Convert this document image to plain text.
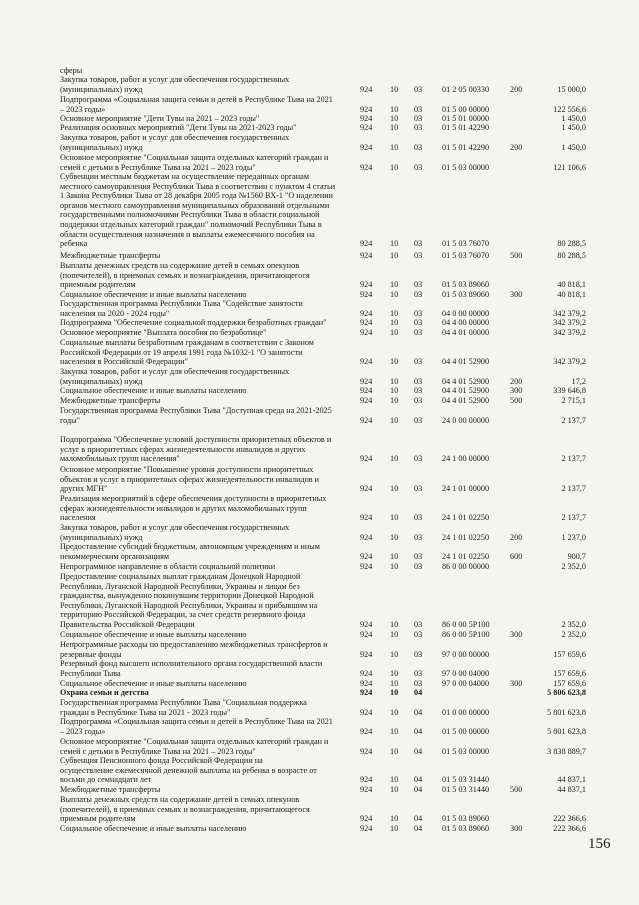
сферы
Закупка товаров, работ и услуг для обеспечения государственных
(муниципальных) нужд	924	10	03	01 2 05 00330	200	15 000,0
Подпрограмма «Социальная защита семьи и детей в Республике Тыва на 2021
– 2023 годы»	924	10	03	01 5 00 00000	122 556,6
Основное мероприятие "Дети Тувы на 2021 – 2023 годы"	924	10	03	01 5 01 00000	1 450,0
Реализация основных мероприятий "Дети Тувы на 2021-2023 годы"	924	10	03	01 5 01 42290	1 450,0
Закупка товаров, работ и услуг для обеспечения государственных
(муниципальных) нужд	924	10	03	01 5 01 42290	200	1 450,0
Основное мероприятие "Социальная защита отдельных категорий граждан и
семей с детьми в Республике Тыва на 2021 – 2023 годы"	924	10	03	01 5 03 00000	121 106,6
Субвенции местным бюджетам на осуществление переданных органам
местного самоуправления Республики Тыва в соответствии с пунктом 4 статьи
1 Закона Республики Тыва от 28 декабря 2005 года №1560 ВХ-1 "О наделении
органов местного самоуправления муниципальных образований отдельными
государственными полномочиями Республики Тыва в области социальной
поддержки отдельных категорий граждан" полномочий Республики Тыва в
области осуществления назначения и выплаты ежемесячного пособия на
ребенка	924	10	03	01 5 03 76070	80 288,5
Межбюджетные трансферты	924	10	03	01 5 03 76070	500	80 288,5
Выплаты денежных средств на содержание детей в семьях опекунов
(попечителей), в приемных семьях и вознаграждения, причитающегося
приемным родителям	924	10	03	01 5 03 89060	40 818,1
Социальное обеспечение и иные выплаты населению	924	10	03	01 5 03 89060	300	40 818,1
Государственная программа Республики Тыва "Содействие занятости
населения на 2020 - 2024 годы"	924	10	03	04 0 00 00000	342 379,2
Подпрограмма "Обеспечение социальной поддержки безработных граждан"	924	10	03	04 4 00 00000	342 379,2
Основное мероприятие "Выплата пособия по безработице"	924	10	03	04 4 01 00000	342 379,2
Социальные выплаты безработным гражданам в соответствии с Законом
Российской Федерации от 19 апреля 1991 года №1032-1 "О занятости
населения в Российской Федерации"	924	10	03	04 4 01 52900	342 379,2
Закупка товаров, работ и услуг для обеспечения государственных
(муниципальных) нужд	924	10	03	04 4 01 52900	200	17,2
Социальное обеспечение и иные выплаты населению	924	10	03	04 4 01 52900	300	339 646,8
Межбюджетные трансферты	924	10	03	04 4 01 52900	500	2 715,1
Государственная программа Республики Тыва "Доступная среда на 2021-2025
годы"	924	10	03	24 0 00 00000	2 137,7
Подпрограмма "Обеспечение условий доступности приоритетных объектов и
услуг в приоритетных сферах жизнедеятельности инвалидов и других
маломобильных групп населения"	924	10	03	24 1 00 00000	2 137,7
Основное мероприятие "Повышение уровня доступности приоритетных
объектов и услуг в приоритетных сферах жизнедеятельности инвалидов и
других МГН"	924	10	03	24 1 01 00000	2 137,7
Реализация мероприятий в сфере обеспечения доступности в приоритетных
сферах жизнедеятельности инвалидов и других маломобильных групп
населения	924	10	03	24 1 01 02250	2 137,7
Закупка товаров, работ и услуг для обеспечения государственных
(муниципальных) нужд	924	10	03	24 1 01 02250	200	1 237,0
Предоставление субсидий бюджетным, автономным учреждениям и иным
некоммерческим организациям	924	10	03	24 1 01 02250	600	900,7
Непрограммное направление в области социальной политики	924	10	03	86 0 00 00000	2 352,0
Предоставление социальных выплат гражданам Донецкой Народной
Республики, Луганской Народной Республики, Украины и лицам без
гражданства, вынужденно покинувшим территории Донецкой Народной
Республики, Луганской Народной Республики, Украины и прибывшим на
территорию Российской Федерации, за счет средств резервного фонда
Правительства Российской Федерации	924	10	03	86 0 00 5P100	2 352,0
Социальное обеспечение и иные выплаты населению	924	10	03	86 0 00 5P100	300	2 352,0
Непрограммные расходы по предоставлению межбюджетных трансфертов и
резервные фонды	924	10	03	97 0 00 00000	157 659,6
Резервный фонд высшего исполнительного органа государственной власти
Республики Тыва	924	10	03	97 0 00 04000	157 659,6
Социальное обеспечение и иные выплаты населению	924	10	03	97 0 00 04000	300	157 659,6
Охрана семьи и детства	924	10	04	5 806 623,8
Государственная программа Республики Тыва "Социальная поддержка
граждан в Республике Тыва на 2021 - 2023 годы"	924	10	04	01 0 00 00000	5 801 623,8
Подпрограмма «Социальная защита семьи и детей в Республике Тыва на 2021
– 2023 годы»	924	10	04	01 5 00 00000	5 801 623,8
Основное мероприятие "Социальная защита отдельных категорий граждан и
семей с детьми в Республике Тыва на 2021 – 2023 годы"	924	10	04	01 5 03 00000	3 838 889,7
Субвенция Пенсионного фонда Российской Федерации на
осуществление ежемесячной денежной выплаты на ребенка в возрасте от
восьми до семнадцати лет	924	10	04	01 5 03 31440	44 837,1
Межбюджетные трансферты	924	10	04	01 5 03 31440	500	44 837,1
Выплаты денежных средств на содержание детей в семьях опекунов
(попечителей), в приемных семьях и вознаграждения, причитающегося
приемным родителям	924	10	04	01 5 03 89060	222 366,6
Социальное обеспечение и иные выплаты населению	924	10	04	01 5 03 89060	300	222 366,6
156
